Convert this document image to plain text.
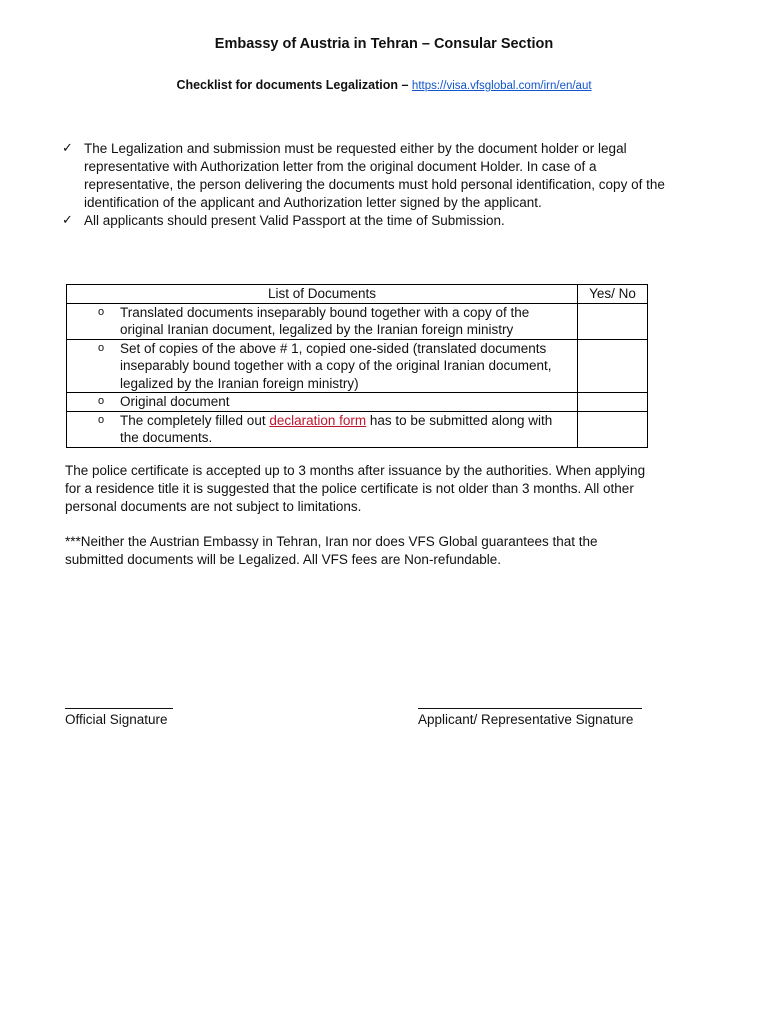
Embassy of Austria in Tehran – Consular Section
Checklist for documents Legalization – https://visa.vfsglobal.com/irn/en/aut
✓ The Legalization and submission must be requested either by the document holder or legal representative with Authorization letter from the original document Holder. In case of a representative, the person delivering the documents must hold personal identification, copy of the identification of the applicant and Authorization letter signed by the applicant.
✓ All applicants should present Valid Passport at the time of Submission.
List of Documents	Yes/ No

o Translated documents inseparably bound together with a copy of the original Iranian document, legalized by the Iranian foreign ministry	

o Set of copies of the above # 1, copied one-sided (translated documents inseparably bound together with a copy of the original Iranian document, legalized by the Iranian foreign ministry)	

o Original document	

o The completely filled out declaration form has to be submitted along with the documents.	

The police certificate is accepted up to 3 months after issuance by the authorities. When applying for a residence title it is suggested that the police certificate is not older than 3 months. All other personal documents are not subject to limitations.

***Neither the Austrian Embassy in Tehran, Iran nor does VFS Global guarantees that the submitted documents will be Legalized. All VFS fees are Non-refundable.

Official Signature	Applicant/ Representative Signature
